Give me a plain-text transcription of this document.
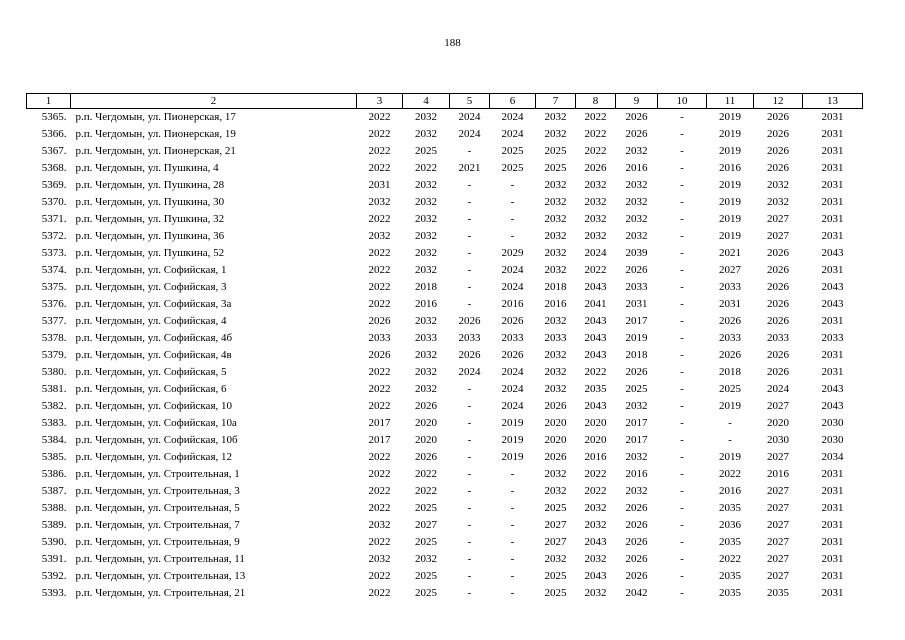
188
1	2	3	4	5	6	7	8	9	10	11	12	13
5365.	р.п. Чегдомын, ул. Пионерская, 17	2022	2032	2024	2024	2032	2022	2026	-	2019	2026	2031
5366.	р.п. Чегдомын, ул. Пионерская, 19	2022	2032	2024	2024	2032	2022	2026	-	2019	2026	2031
5367.	р.п. Чегдомын, ул. Пионерская, 21	2022	2025	-	2025	2025	2022	2032	-	2019	2026	2031
5368.	р.п. Чегдомын, ул. Пушкина, 4	2022	2022	2021	2025	2025	2026	2016	-	2016	2026	2031
5369.	р.п. Чегдомын, ул. Пушкина, 28	2031	2032	-	-	2032	2032	2032	-	2019	2032	2031
5370.	р.п. Чегдомын, ул. Пушкина, 30	2032	2032	-	-	2032	2032	2032	-	2019	2032	2031
5371.	р.п. Чегдомын, ул. Пушкина, 32	2022	2032	-	-	2032	2032	2032	-	2019	2027	2031
5372.	р.п. Чегдомын, ул. Пушкина, 36	2032	2032	-	-	2032	2032	2032	-	2019	2027	2031
5373.	р.п. Чегдомын, ул. Пушкина, 52	2022	2032	-	2029	2032	2024	2039	-	2021	2026	2043
5374.	р.п. Чегдомын, ул. Софийская, 1	2022	2032	-	2024	2032	2022	2026	-	2027	2026	2031
5375.	р.п. Чегдомын, ул. Софийская, 3	2022	2018	-	2024	2018	2043	2033	-	2033	2026	2043
5376.	р.п. Чегдомын, ул. Софийская, 3а	2022	2016	-	2016	2016	2041	2031	-	2031	2026	2043
5377.	р.п. Чегдомын, ул. Софийская, 4	2026	2032	2026	2026	2032	2043	2017	-	2026	2026	2031
5378.	р.п. Чегдомын, ул. Софийская, 4б	2033	2033	2033	2033	2033	2043	2019	-	2033	2033	2033
5379.	р.п. Чегдомын, ул. Софийская, 4в	2026	2032	2026	2026	2032	2043	2018	-	2026	2026	2031
5380.	р.п. Чегдомын, ул. Софийская, 5	2022	2032	2024	2024	2032	2022	2026	-	2018	2026	2031
5381.	р.п. Чегдомын, ул. Софийская, 6	2022	2032	-	2024	2032	2035	2025	-	2025	2024	2043
5382.	р.п. Чегдомын, ул. Софийская, 10	2022	2026	-	2024	2026	2043	2032	-	2019	2027	2043
5383.	р.п. Чегдомын, ул. Софийская, 10а	2017	2020	-	2019	2020	2020	2017	-	-	2020	2030
5384.	р.п. Чегдомын, ул. Софийская, 10б	2017	2020	-	2019	2020	2020	2017	-	-	2030	2030
5385.	р.п. Чегдомын, ул. Софийская, 12	2022	2026	-	2019	2026	2016	2032	-	2019	2027	2034
5386.	р.п. Чегдомын, ул. Строительная, 1	2022	2022	-	-	2032	2022	2016	-	2022	2016	2031
5387.	р.п. Чегдомын, ул. Строительная, 3	2022	2022	-	-	2032	2022	2032	-	2016	2027	2031
5388.	р.п. Чегдомын, ул. Строительная, 5	2022	2025	-	-	2025	2032	2026	-	2035	2027	2031
5389.	р.п. Чегдомын, ул. Строительная, 7	2032	2027	-	-	2027	2032	2026	-	2036	2027	2031
5390.	р.п. Чегдомын, ул. Строительная, 9	2022	2025	-	-	2027	2043	2026	-	2035	2027	2031
5391.	р.п. Чегдомын, ул. Строительная, 11	2032	2032	-	-	2032	2032	2026	-	2022	2027	2031
5392.	р.п. Чегдомын, ул. Строительная, 13	2022	2025	-	-	2025	2043	2026	-	2035	2027	2031
5393.	р.п. Чегдомын, ул. Строительная, 21	2022	2025	-	-	2025	2032	2042	-	2035	2035	2031
